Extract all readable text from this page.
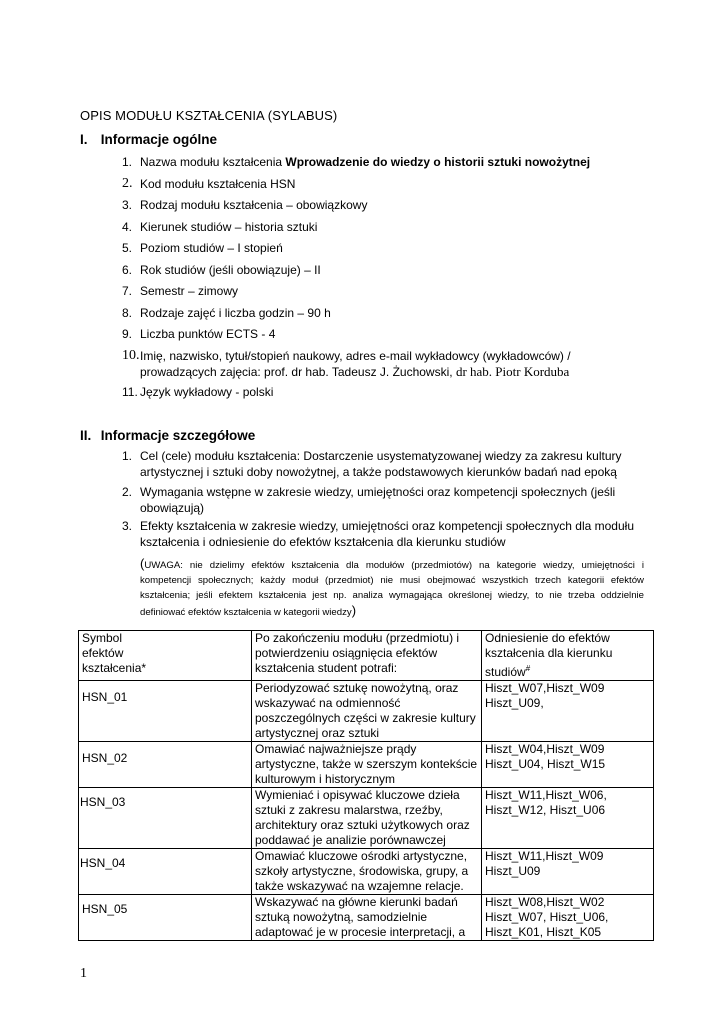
OPIS MODUŁU KSZTAŁCENIA (SYLABUS)
I. Informacje ogólne
1. Nazwa modułu kształcenia Wprowadzenie do wiedzy o historii sztuki nowożytnej
2. Kod modułu kształcenia HSN
3. Rodzaj modułu kształcenia – obowiązkowy
4. Kierunek studiów – historia sztuki
5. Poziom studiów – I stopień
6. Rok studiów (jeśli obowiązuje) – II
7. Semestr – zimowy
8. Rodzaje zajęć i liczba godzin – 90 h
9. Liczba punktów ECTS - 4
10. Imię, nazwisko, tytuł/stopień naukowy, adres e-mail wykładowcy (wykładowców) /
prowadzących zajęcia: prof. dr hab. Tadeusz J. Żuchowski, dr hab. Piotr Korduba
11. Język wykładowy - polski
II. Informacje szczegółowe
1. Cel (cele) modułu kształcenia: Dostarczenie usystematyzowanej wiedzy za zakresu kultury
artystycznej i sztuki doby nowożytnej, a także podstawowych kierunków badań nad epoką
2. Wymagania wstępne w zakresie wiedzy, umiejętności oraz kompetencji społecznych (jeśli
obowiązują)
3. Efekty kształcenia w zakresie wiedzy, umiejętności oraz kompetencji społecznych dla modułu
kształcenia i odniesienie do efektów kształcenia dla kierunku studiów
(UWAGA: nie dzielimy efektów kształcenia dla modułów (przedmiotów) na kategorie wiedzy, umiejętności i kompetencji społecznych; każdy moduł (przedmiot) nie musi obejmować wszystkich trzech kategorii efektów kształcenia; jeśli efektem kształcenia jest np. analiza wymagająca określonej wiedzy, to nie trzeba oddzielnie definiować efektów kształcenia w kategorii wiedzy)
Symbol
efektów
kształcenia*	Po zakończeniu modułu (przedmiotu) i potwierdzeniu osiągnięcia efektów kształcenia student potrafi:	Odniesienie do efektów kształcenia dla kierunku studiów#

HSN_01	Periodyzować sztukę nowożytną, oraz wskazywać na odmienność poszczególnych części w zakresie kultury artystycznej oraz sztuki	Hiszt_W07,Hiszt_W09
Hiszt_U09,

HSN_02	Omawiać najważniejsze prądy artystyczne, także w szerszym kontekście kulturowym i historycznym	Hiszt_W04,Hiszt_W09
Hiszt_U04, Hiszt_W15

HSN_03	Wymieniać i opisywać kluczowe dzieła sztuki z zakresu malarstwa, rzeźby, architektury oraz sztuki użytkowych oraz poddawać je analizie porównawczej	Hiszt_W11,Hiszt_W06,
Hiszt_W12, Hiszt_U06

HSN_04	Omawiać kluczowe ośrodki artystyczne, szkoły artystyczne, środowiska, grupy, a także wskazywać na wzajemne relacje.	Hiszt_W11,Hiszt_W09
Hiszt_U09

HSN_05	Wskazywać na główne kierunki badań sztuką nowożytną, samodzielnie adaptować je w procesie interpretacji, a	Hiszt_W08,Hiszt_W02
Hiszt_W07, Hiszt_U06,
Hiszt_K01, Hiszt_K05
1
